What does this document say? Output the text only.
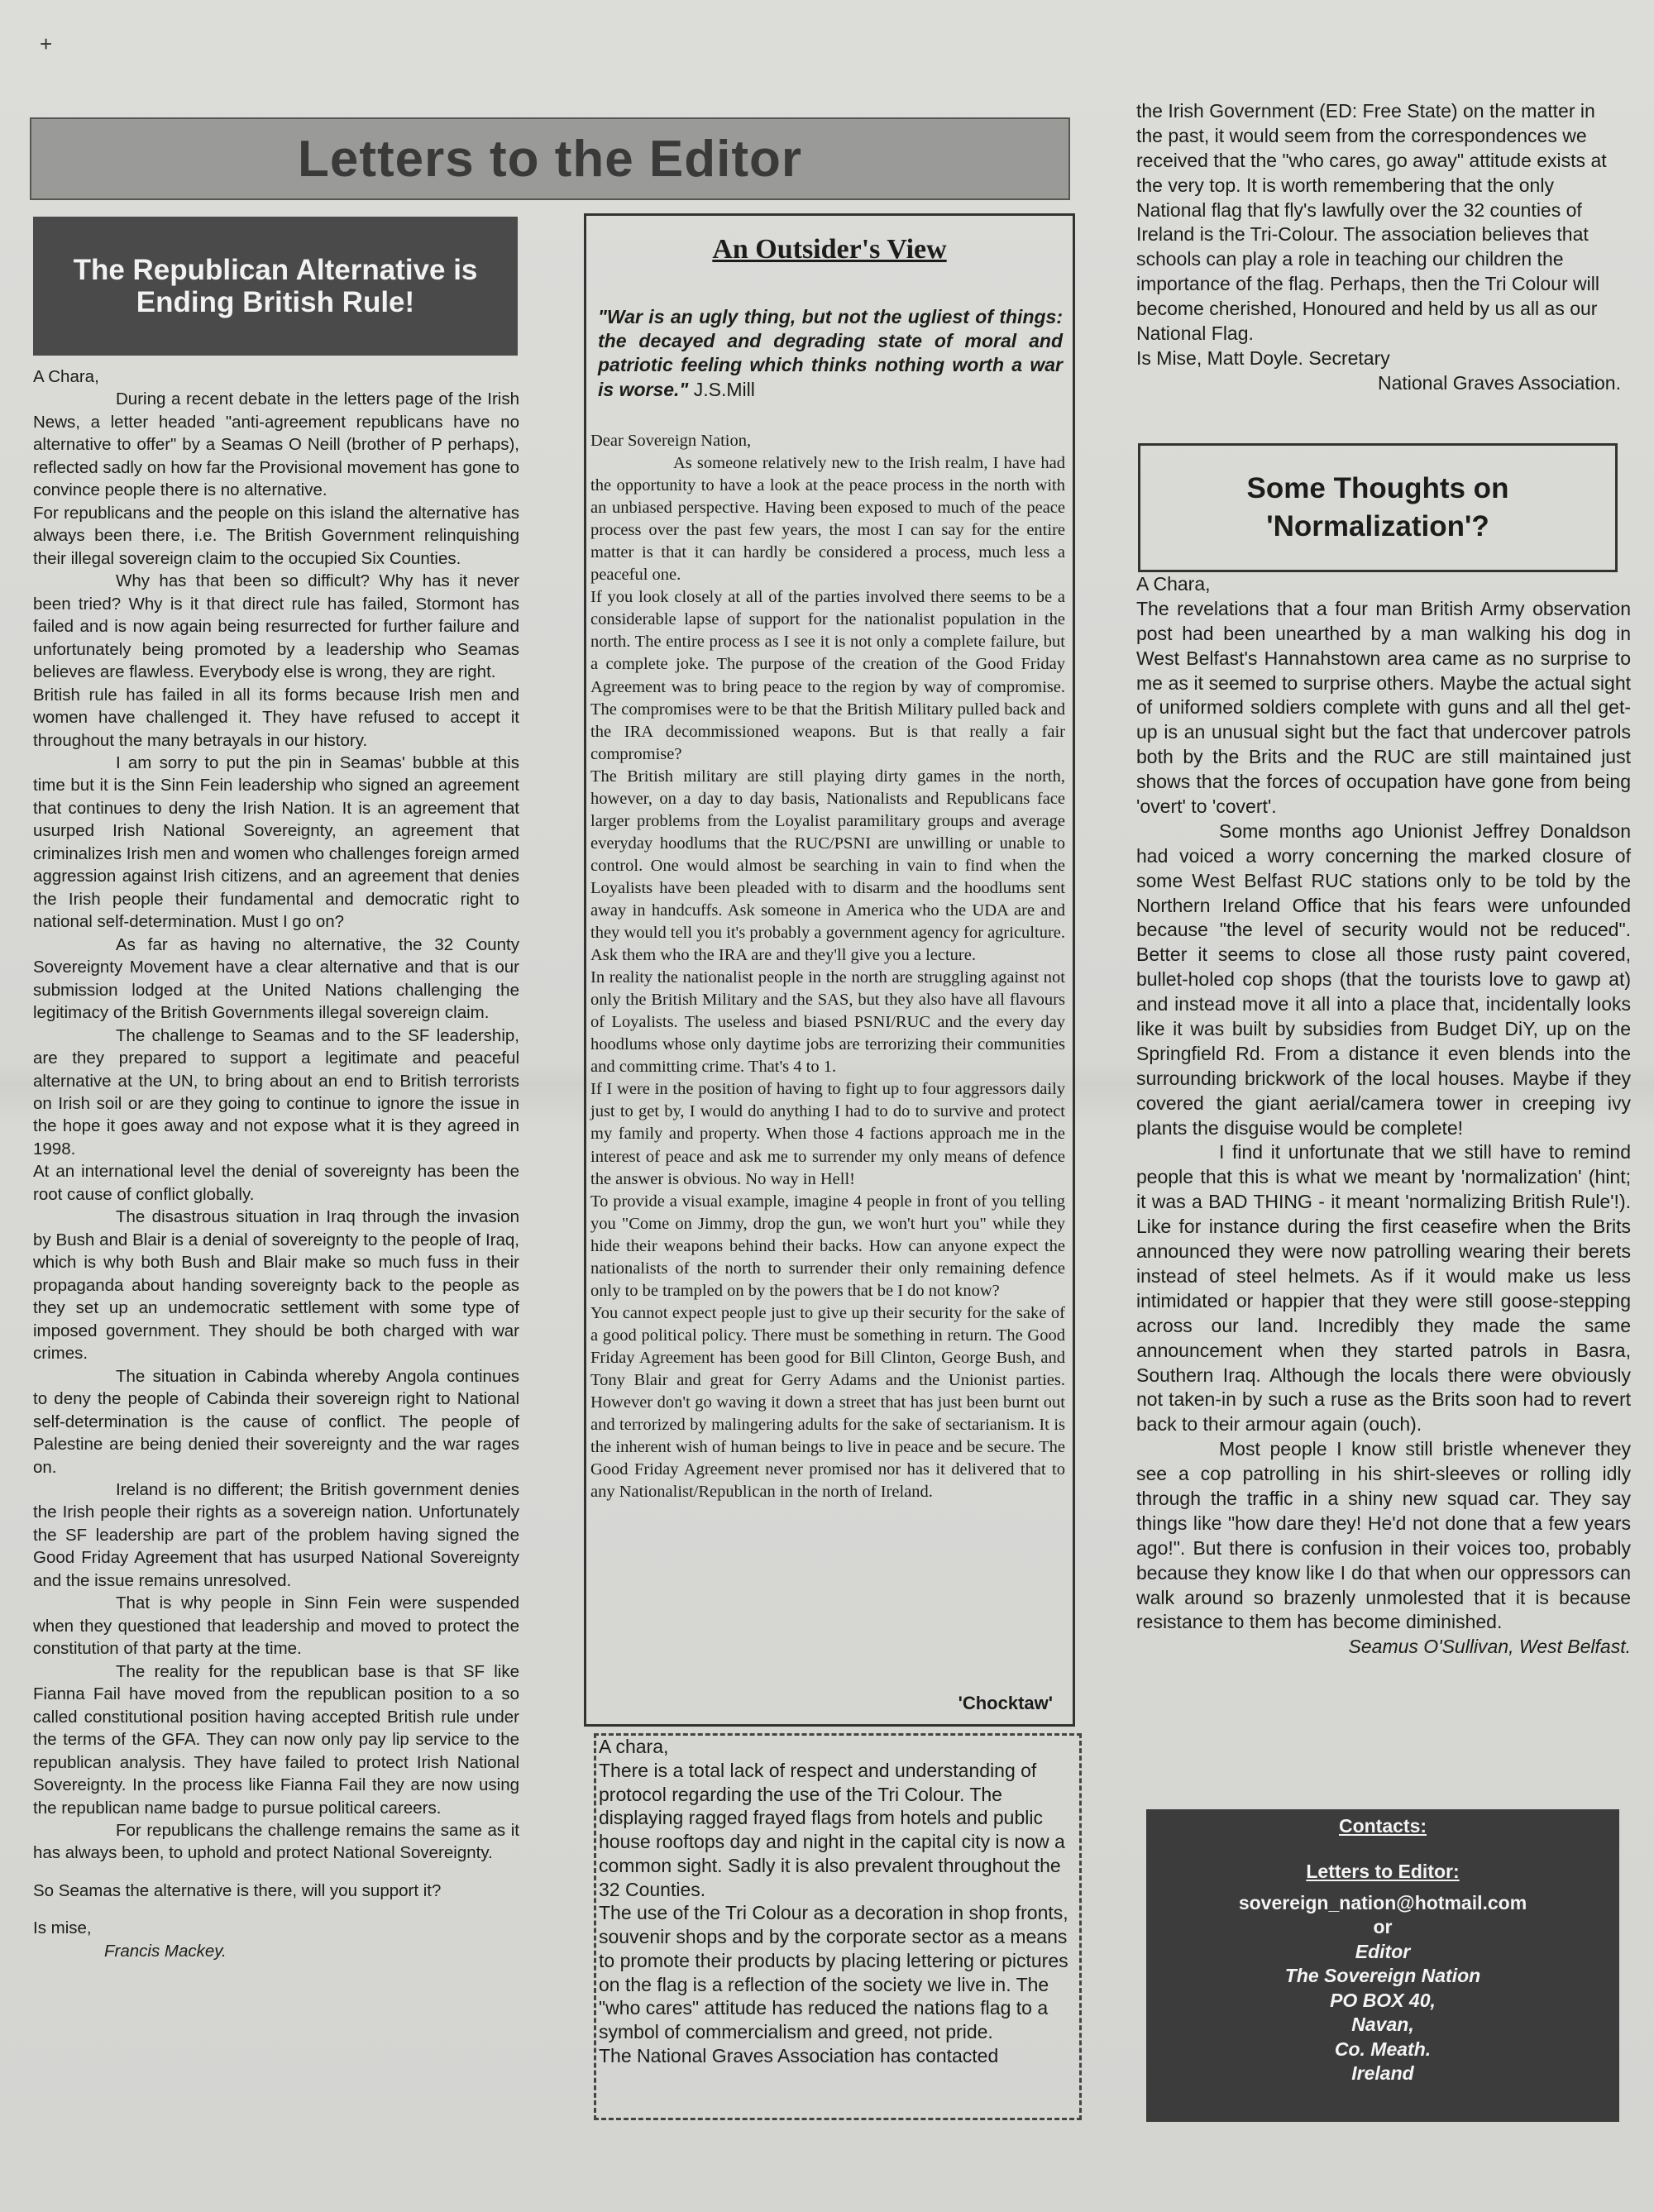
+
Letters to the Editor
The Republican Alternative is Ending British Rule!

A Chara,

During a recent debate in the letters page of the Irish News, a letter headed "anti-agreement republicans have no alternative to offer" by a Seamas O Neill (brother of P perhaps), reflected sadly on how far the Provisional movement has gone to convince people there is no alternative.

For republicans and the people on this island the alternative has always been there, i.e. The British Government relinquishing their illegal sovereign claim to the occupied Six Counties.

Why has that been so difficult? Why has it never been tried? Why is it that direct rule has failed, Stormont has failed and is now again being resurrected for further failure and unfortunately being promoted by a leadership who Seamas believes are flawless. Everybody else is wrong, they are right.

British rule has failed in all its forms because Irish men and women have challenged it. They have refused to accept it throughout the many betrayals in our history.

I am sorry to put the pin in Seamas' bubble at this time but it is the Sinn Fein leadership who signed an agreement that continues to deny the Irish Nation. It is an agreement that usurped Irish National Sovereignty, an agreement that criminalizes Irish men and women who challenges foreign armed aggression against Irish citizens, and an agreement that denies the Irish people their fundamental and democratic right to national self-determination. Must I go on?

As far as having no alternative, the 32 County Sovereignty Movement have a clear alternative and that is our submission lodged at the United Nations challenging the legitimacy of the British Governments illegal sovereign claim.

The challenge to Seamas and to the SF leadership, are they prepared to support a legitimate and peaceful alternative at the UN, to bring about an end to British terrorists on Irish soil or are they going to continue to ignore the issue in the hope it goes away and not expose what it is they agreed in 1998.

At an international level the denial of sovereignty has been the root cause of conflict globally.

The disastrous situation in Iraq through the invasion by Bush and Blair is a denial of sovereignty to the people of Iraq, which is why both Bush and Blair make so much fuss in their propaganda about handing sovereignty back to the people as they set up an undemocratic settlement with some type of imposed government. They should be both charged with war crimes.

The situation in Cabinda whereby Angola continues to deny the people of Cabinda their sovereign right to National self-determination is the cause of conflict. The people of Palestine are being denied their sovereignty and the war rages on.

Ireland is no different; the British government denies the Irish people their rights as a sovereign nation. Unfortunately the SF leadership are part of the problem having signed the Good Friday Agreement that has usurped National Sovereignty and the issue remains unresolved.

That is why people in Sinn Fein were suspended when they questioned that leadership and moved to protect the constitution of that party at the time.

The reality for the republican base is that SF like Fianna Fail have moved from the republican position to a so called constitutional position having accepted British rule under the terms of the GFA. They can now only pay lip service to the republican analysis. They have failed to protect Irish National Sovereignty. In the process like Fianna Fail they are now using the republican name badge to pursue political careers.

For republicans the challenge remains the same as it has always been, to uphold and protect National Sovereignty.

So Seamas the alternative is there, will you support it?

Is mise,

Francis Mackey.

An Outsider's View
"War is an ugly thing, but not the ugliest of things: the decayed and degrading state of moral and patriotic feeling which thinks nothing worth a war is worse." J.S.Mill
'Chocktaw'

Dear Sovereign Nation,

As someone relatively new to the Irish realm, I have had the opportunity to have a look at the peace process in the north with an unbiased perspective. Having been exposed to much of the peace process over the past few years, the most I can say for the entire matter is that it can hardly be considered a process, much less a peaceful one.

If you look closely at all of the parties involved there seems to be a considerable lapse of support for the nationalist population in the north. The entire process as I see it is not only a complete failure, but a complete joke. The purpose of the creation of the Good Friday Agreement was to bring peace to the region by way of compromise. The compromises were to be that the British Military pulled back and the IRA decommissioned weapons. But is that really a fair compromise?

The British military are still playing dirty games in the north, however, on a day to day basis, Nationalists and Republicans face larger problems from the Loyalist paramilitary groups and average everyday hoodlums that the RUC/PSNI are unwilling or unable to control. One would almost be searching in vain to find when the Loyalists have been pleaded with to disarm and the hoodlums sent away in handcuffs. Ask someone in America who the UDA are and they would tell you it's probably a government agency for agriculture. Ask them who the IRA are and they'll give you a lecture.

In reality the nationalist people in the north are struggling against not only the British Military and the SAS, but they also have all flavours of Loyalists. The useless and biased PSNI/RUC and the every day hoodlums whose only daytime jobs are terrorizing their communities and committing crime. That's 4 to 1.

If I were in the position of having to fight up to four aggressors daily just to get by, I would do anything I had to do to survive and protect my family and property. When those 4 factions approach me in the interest of peace and ask me to surrender my only means of defence the answer is obvious. No way in Hell!

To provide a visual example, imagine 4 people in front of you telling you "Come on Jimmy, drop the gun, we won't hurt you" while they hide their weapons behind their backs. How can anyone expect the nationalists of the north to surrender their only remaining defence only to be trampled on by the powers that be I do not know?

You cannot expect people just to give up their security for the sake of a good political policy. There must be something in return. The Good Friday Agreement has been good for Bill Clinton, George Bush, and Tony Blair and great for Gerry Adams and the Unionist parties. However don't go waving it down a street that has just been burnt out and terrorized by malingering adults for the sake of sectarianism. It is the inherent wish of human beings to live in peace and be secure. The Good Friday Agreement never promised nor has it delivered that to any Nationalist/Republican in the north of Ireland.

A chara,

There is a total lack of respect and understanding of protocol regarding the use of the Tri Colour. The displaying ragged frayed flags from hotels and public house rooftops day and night in the capital city is now a common sight. Sadly it is also prevalent throughout the 32 Counties.

The use of the Tri Colour as a decoration in shop fronts, souvenir shops and by the corporate sector as a means to promote their products by placing lettering or pictures on the flag is a reflection of the society we live in. The "who cares" attitude has reduced the nations flag to a symbol of commercialism and greed, not pride.

The National Graves Association has contacted

the Irish Government (ED: Free State) on the matter in the past, it would seem from the correspondences we received that the "who cares, go away" attitude exists at the very top. It is worth remembering that the only National flag that fly's lawfully over the 32 counties of Ireland is the Tri-Colour. The association believes that schools can play a role in teaching our children the importance of the flag. Perhaps, then the Tri Colour will become cherished, Honoured and held by us all as our National Flag.

Is Mise, Matt Doyle. Secretary

National Graves Association.

Some Thoughts on 'Normalization'?

A Chara,

The revelations that a four man British Army observation post had been unearthed by a man walking his dog in West Belfast's Hannahstown area came as no surprise to me as it seemed to surprise others. Maybe the actual sight of uniformed soldiers complete with guns and all thel get-up is an unusual sight but the fact that undercover patrols both by the Brits and the RUC are still maintained just shows that the forces of occupation have gone from being 'overt' to 'covert'.

Some months ago Unionist Jeffrey Donaldson had voiced a worry concerning the marked closure of some West Belfast RUC stations only to be told by the Northern Ireland Office that his fears were unfounded because "the level of security would not be reduced". Better it seems to close all those rusty paint covered, bullet-holed cop shops (that the tourists love to gawp at) and instead move it all into a place that, incidentally looks like it was built by subsidies from Budget DiY, up on the Springfield Rd. From a distance it even blends into the surrounding brickwork of the local houses. Maybe if they covered the giant aerial/camera tower in creeping ivy plants the disguise would be complete!

I find it unfortunate that we still have to remind people that this is what we meant by 'normalization' (hint; it was a BAD THING - it meant 'normalizing British Rule'!). Like for instance during the first ceasefire when the Brits announced they were now patrolling wearing their berets instead of steel helmets. As if it would make us less intimidated or happier that they were still goose-stepping across our land. Incredibly they made the same announcement when they started patrols in Basra, Southern Iraq. Although the locals there were obviously not taken-in by such a ruse as the Brits soon had to revert back to their armour again (ouch).

Most people I know still bristle whenever they see a cop patrolling in his shirt-sleeves or rolling idly through the traffic in a shiny new squad car. They say things like "how dare they! He'd not done that a few years ago!". But there is confusion in their voices too, probably because they know like I do that when our oppressors can walk around so brazenly unmolested that it is because resistance to them has become diminished.

Seamus O'Sullivan, West Belfast.

Contacts:
Letters to Editor:
sovereign_nation@hotmail.com
or
Editor
The Sovereign Nation
PO BOX 40,
Navan,
Co. Meath.
Ireland
